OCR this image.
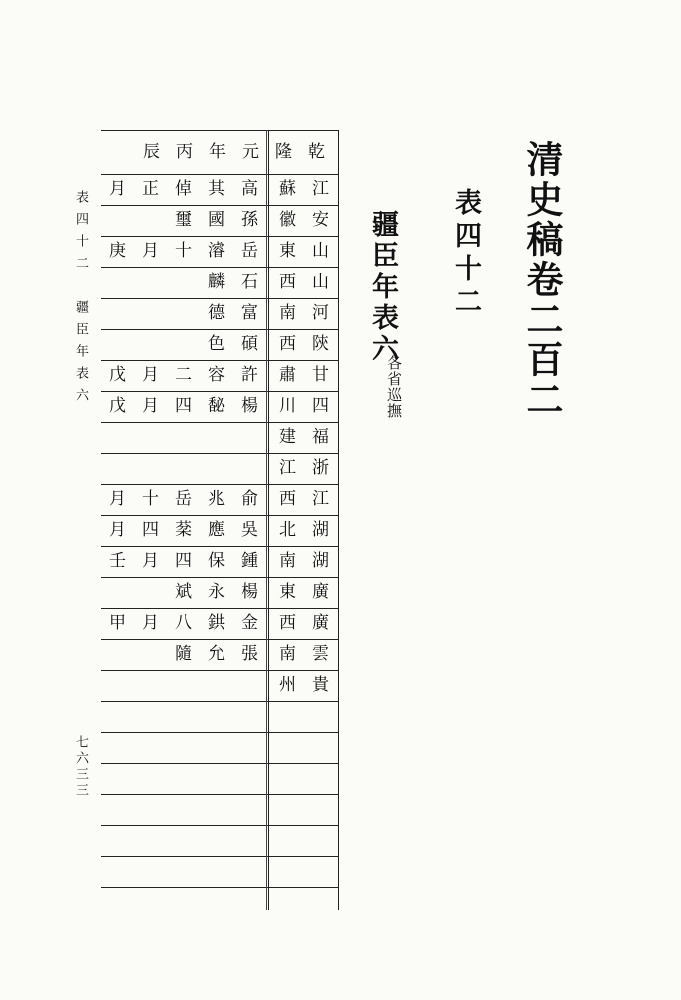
清史稿卷二百二
表四十二
疆臣年表六
各省巡撫
表四十二　疆臣年表六
七六三三
乾
隆
元
年
丙
辰
江
蘇
高
其
倬
正
月
安
徽
孫
國
璽
山
東
岳
濬
十
月
庚
山
西
石
麟
河
南
富
德
陝
西
碩
色
甘
肅
許
容
二
月
戊
四
川
楊
馝
四
月
戊
福
建
浙
江
江
西
俞
兆
岳
十
月
湖
北
吳
應
棻
四
月
湖
南
鍾
保
四
月
壬
廣
東
楊
永
斌
廣
西
金
鉷
八
月
甲
雲
南
張
允
隨
貴
州
